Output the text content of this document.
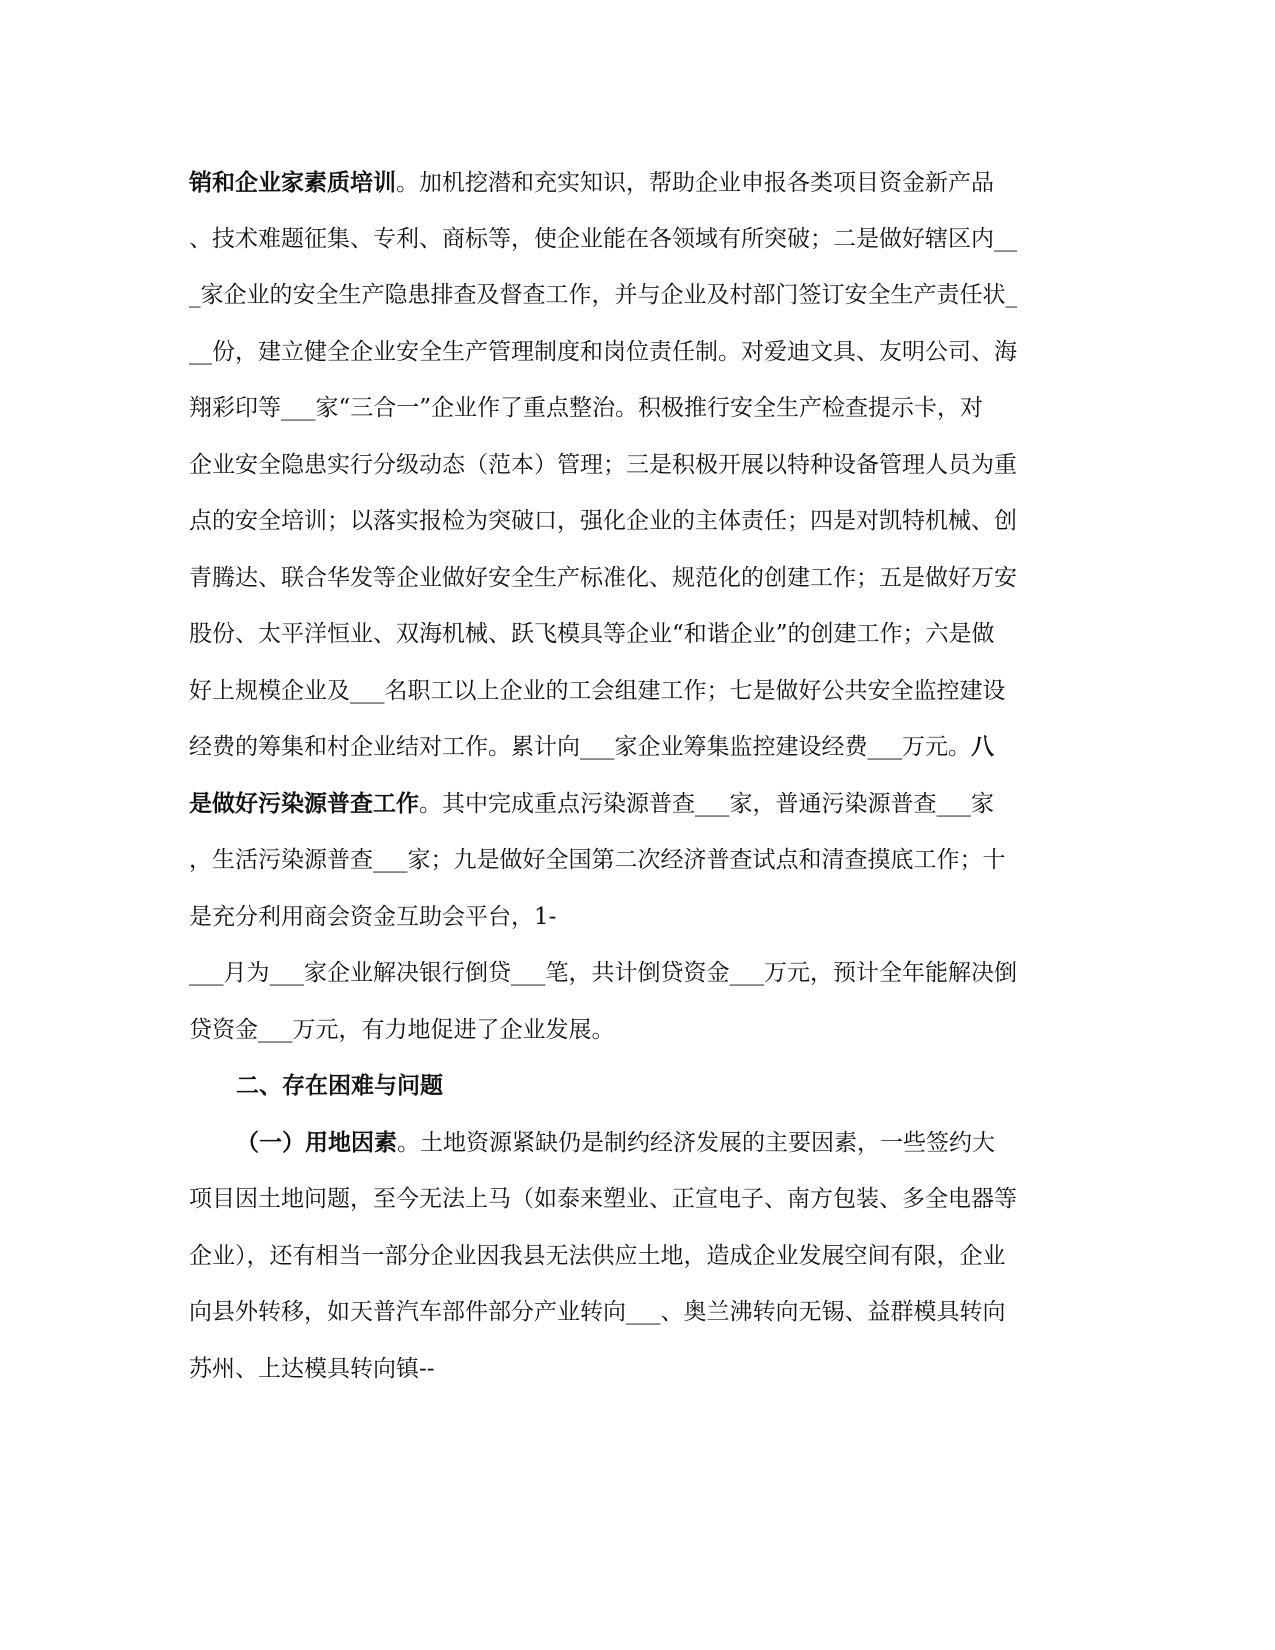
销和企业家素质培训。加机挖潜和充实知识，帮助企业申报各类项目资金新产品
、技术难题征集、专利、商标等，使企业能在各领域有所突破；二是做好辖区内__
_家企业的安全生产隐患排查及督查工作，并与企业及村部门签订安全生产责任状_
__份，建立健全企业安全生产管理制度和岗位责任制。对爱迪文具、友明公司、海
翔彩印等___家“三合一”企业作了重点整治。积极推行安全生产检查提示卡，对
企业安全隐患实行分级动态（范本）管理；三是积极开展以特种设备管理人员为重
点的安全培训；以落实报检为突破口，强化企业的主体责任；四是对凯特机械、创
青腾达、联合华发等企业做好安全生产标准化、规范化的创建工作；五是做好万安
股份、太平洋恒业、双海机械、跃飞模具等企业“和谐企业”的创建工作；六是做
好上规模企业及___名职工以上企业的工会组建工作；七是做好公共安全监控建设
经费的筹集和村企业结对工作。累计向___家企业筹集监控建设经费___万元。八
是做好污染源普查工作。其中完成重点污染源普查___家，普通污染源普查___家
，生活污染源普查___家；九是做好全国第二次经济普查试点和清查摸底工作；十
是充分利用商会资金互助会平台，1-
___月为___家企业解决银行倒贷___笔，共计倒贷资金___万元，预计全年能解决倒
贷资金___万元，有力地促进了企业发展。
二、存在困难与问题
（一）用地因素。土地资源紧缺仍是制约经济发展的主要因素，一些签约大
项目因土地问题，至今无法上马（如泰来塑业、正宣电子、南方包装、多全电器等
企业），还有相当一部分企业因我县无法供应土地，造成企业发展空间有限，企业
向县外转移，如天普汽车部件部分产业转向___、奥兰沸转向无锡、益群模具转向
苏州、上达模具转向镇--
